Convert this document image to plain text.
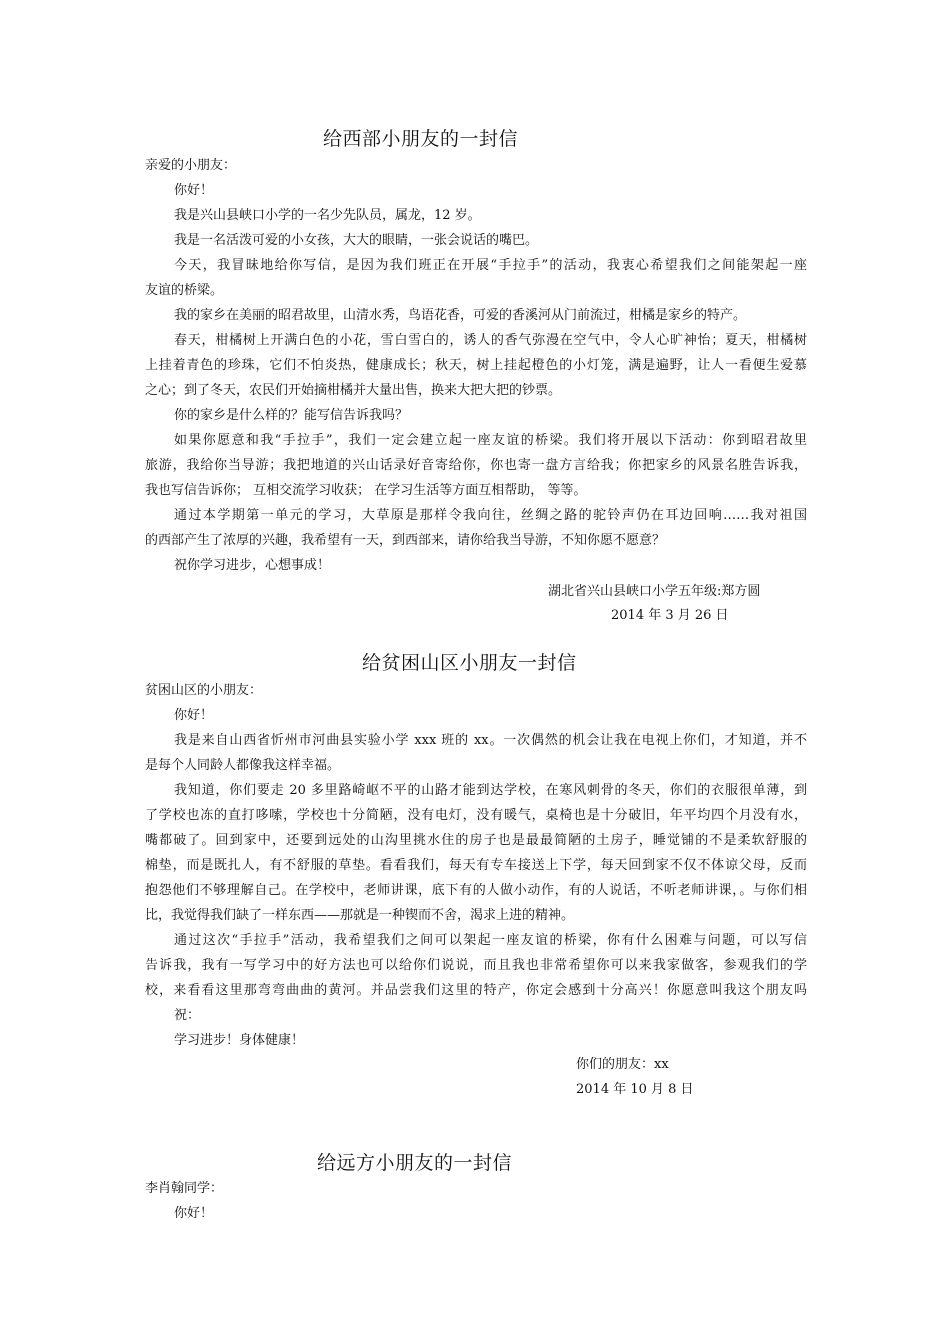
给西部小朋友的一封信
亲爱的小朋友：
你好！
我是兴山县峡口小学的一名少先队员，属龙，12 岁。
我是一名活泼可爱的小女孩，大大的眼睛，一张会说话的嘴巴。
今天，我冒昧地给你写信，是因为我们班正在开展“手拉手”的活动，我衷心希望我们之间能架起一座
友谊的桥梁。
我的家乡在美丽的昭君故里，山清水秀，鸟语花香，可爱的香溪河从门前流过，柑橘是家乡的特产。
春天，柑橘树上开满白色的小花，雪白雪白的，诱人的香气弥漫在空气中，令人心旷神怡；夏天，柑橘树
上挂着青色的珍珠，它们不怕炎热，健康成长；秋天，树上挂起橙色的小灯笼，满是遍野，让人一看便生爱慕
之心；到了冬天，农民们开始摘柑橘并大量出售，换来大把大把的钞票。
你的家乡是什么样的？能写信告诉我吗？
如果你愿意和我“手拉手”，我们一定会建立起一座友谊的桥梁。我们将开展以下活动：你到昭君故里
旅游，我给你当导游；我把地道的兴山话录好音寄给你，你也寄一盘方言给我；你把家乡的风景名胜告诉我，
我也写信告诉你； 互相交流学习收获； 在学习生活等方面互相帮助， 等等。
通过本学期第一单元的学习，大草原是那样令我向往，丝绸之路的驼铃声仍在耳边回响……我对祖国
的西部产生了浓厚的兴趣，我希望有一天，到西部来，请你给我当导游，不知你愿不愿意？
祝你学习进步，心想事成！
湖北省兴山县峡口小学五年级:郑方圆
2014 年 3 月 26 日
给贫困山区小朋友一封信
贫困山区的小朋友：
你好！
我是来自山西省忻州市河曲县实验小学 xxx 班的 xx。一次偶然的机会让我在电视上你们，才知道，并不
是每个人同龄人都像我这样幸福。
我知道，你们要走 20 多里路崎岖不平的山路才能到达学校，在寒风刺骨的冬天，你们的衣服很单薄，到
了学校也冻的直打哆嗦，学校也十分简陋，没有电灯，没有暖气，桌椅也是十分破旧，年平均四个月没有水，
嘴都破了。回到家中，还要到远处的山沟里挑水住的房子也是最最简陋的土房子，睡觉铺的不是柔软舒服的
棉垫，而是既扎人，有不舒服的草垫。看看我们，每天有专车接送上下学，每天回到家不仅不体谅父母，反而
抱怨他们不够理解自己。在学校中，老师讲课，底下有的人做小动作，有的人说话，不听老师讲课，。与你们相
比，我觉得我们缺了一样东西——那就是一种锲而不舍，渴求上进的精神。
通过这次“手拉手”活动，我希望我们之间可以架起一座友谊的桥梁，你有什么困难与问题，可以写信
告诉我，我有一写学习中的好方法也可以给你们说说，而且我也非常希望你可以来我家做客，参观我们的学
校，来看看这里那弯弯曲曲的黄河。并品尝我们这里的特产，你定会感到十分高兴！你愿意叫我这个朋友吗
祝：
学习进步！身体健康！
你们的朋友：xx
2014 年 10 月 8 日
给远方小朋友的一封信
李肖翰同学：
你好！
